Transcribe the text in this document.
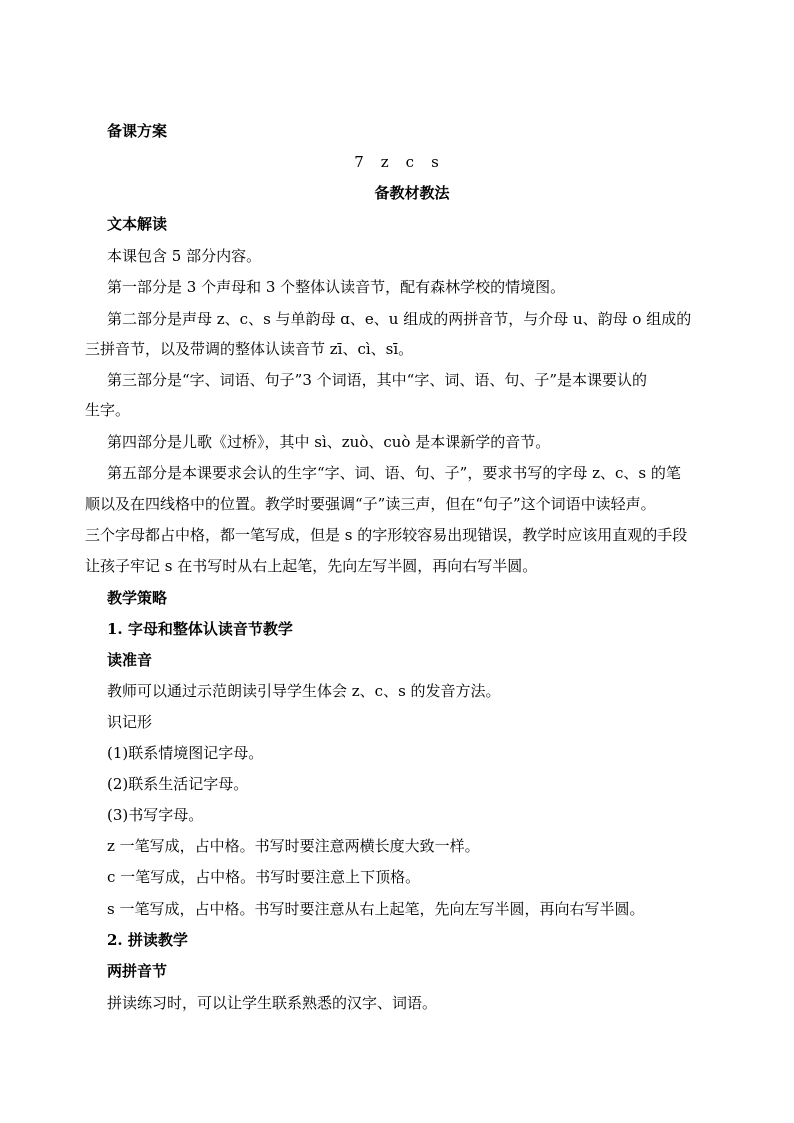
备课方案
7　z　c　s
备教材教法
文本解读
本课包含 5 部分内容。
第一部分是 3 个声母和 3 个整体认读音节，配有森林学校的情境图。
第二部分是声母 z、c、s 与单韵母 ɑ、e、u 组成的两拼音节，与介母 u、韵母 o 组成的
三拼音节，以及带调的整体认读音节 zī、cì、sī。
第三部分是“字、词语、句子”3 个词语，其中“字、词、语、句、子”是本课要认的
生字。
第四部分是儿歌《过桥》，其中 sì、zuò、cuò 是本课新学的音节。
第五部分是本课要求会认的生字“字、词、语、句、子”，要求书写的字母 z、c、s 的笔
顺以及在四线格中的位置。教学时要强调“子”读三声，但在“句子”这个词语中读轻声。
三个字母都占中格，都一笔写成，但是 s 的字形较容易出现错误，教学时应该用直观的手段
让孩子牢记 s 在书写时从右上起笔，先向左写半圆，再向右写半圆。
教学策略
1. 字母和整体认读音节教学
读准音
教师可以通过示范朗读引导学生体会 z、c、s 的发音方法。
识记形
(1)联系情境图记字母。
(2)联系生活记字母。
(3)书写字母。
z 一笔写成，占中格。书写时要注意两横长度大致一样。
c 一笔写成，占中格。书写时要注意上下顶格。
s 一笔写成，占中格。书写时要注意从右上起笔，先向左写半圆，再向右写半圆。
2. 拼读教学
两拼音节
拼读练习时，可以让学生联系熟悉的汉字、词语。
